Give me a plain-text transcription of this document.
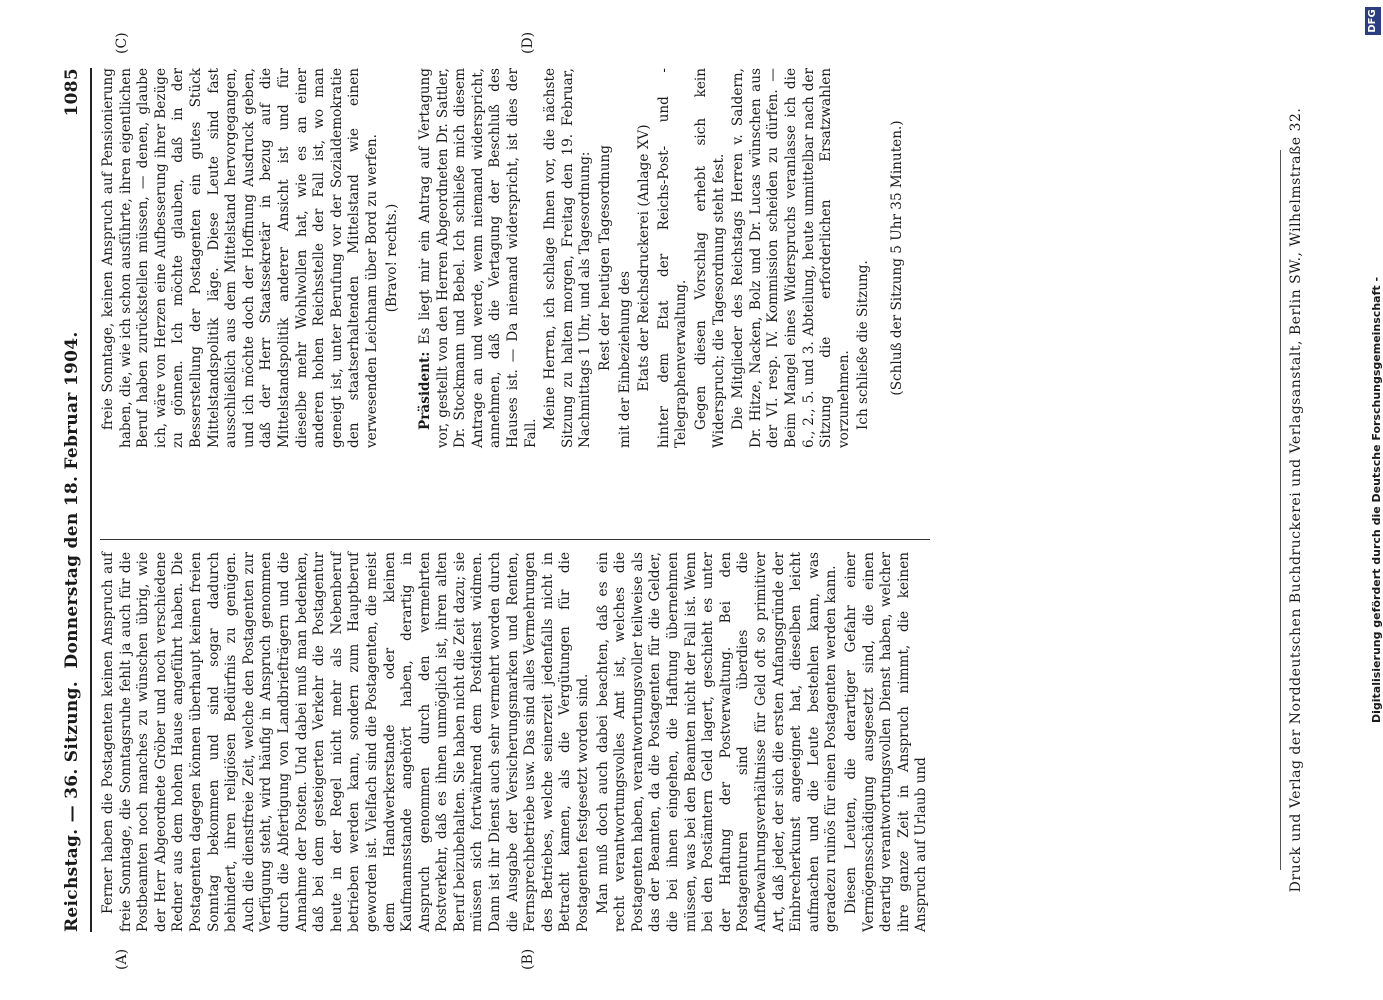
Reichstag. — 36. Sitzung.
Donnerstag den 18. Februar 1904.
1085
(A)	(B)
(C)	(D)

Ferner haben die Postagenten keinen Anspruch auf freie Sonntage, die Sonntagsruhe fehlt ja auch für die Postbeamten noch manches zu wünschen übrig, wie der Herr Abgeordnete Gröber und noch verschiedene Redner aus dem hohen Hause angeführt haben. Die Postagenten dagegen können überhaupt keinen freien Sonntag bekommen und sind sogar dadurch behindert, ihren religiösen Bedürfnis zu genügen. Auch die dienstfreie Zeit, welche den Postagenten zur Verfügung steht, wird häufig in Anspruch genommen durch die Abfertigung von Landbriefträgern und die Annahme der Posten. Und dabei muß man bedenken, daß bei dem gesteigerten Verkehr die Postagentur heute in der Regel nicht mehr als Nebenberuf betrieben werden kann, sondern zum Hauptberuf geworden ist. Vielfach sind die Postagenten, die meist dem Handwerkerstande oder kleinen Kaufmannsstande angehört haben, derartig in Anspruch genommen durch den vermehrten Postverkehr, daß es ihnen unmöglich ist, ihren alten Beruf beizubehalten. Sie haben nicht die Zeit dazu; sie müssen sich fortwährend dem Postdienst widmen. Dann ist ihr Dienst auch sehr vermehrt worden durch die Ausgabe der Versicherungsmarken und Renten, Fernsprechbetriebe usw. Das sind alles Vermehrungen des Betriebes, welche seinerzeit jedenfalls nicht in Betracht kamen, als die Vergütungen für die Postagenten festgesetzt worden sind. Man muß doch auch dabei beachten, daß es ein recht verantwortungsvolles Amt ist, welches die Postagenten haben, verantwortungsvoller teilweise als das der Beamten, da die Postagenten für die Gelder, die bei ihnen eingehen, die Haftung übernehmen müssen, was bei den Beamten nicht der Fall ist. Wenn bei den Postämtern Geld lagert, geschieht es unter der Haftung der Postverwaltung. Bei den Postagenturen sind überdies die Aufbewahrungsverhältnisse für Geld oft so primitiver Art, daß jeder, der sich die ersten Anfangsgründe der Einbrecherkunst angeeignet hat, dieselben leicht aufmachen und die Leute bestehlen kann, was geradezu ruinös für einen Postagenten werden kann. Diesen Leuten, die derartiger Gefahr einer Vermögensschädigung ausgesetzt sind, die einen derartig verantwortungsvollen Dienst haben, welcher ihre ganze Zeit in Anspruch nimmt, die keinen Anspruch auf Urlaub und

freie Sonntage, keinen Anspruch auf Pensionierung haben, die, wie ich schon ausführte, ihren eigentlichen Beruf haben zurückstellen müssen, — denen, glaube ich, wäre von Herzen eine Aufbesserung ihrer Bezüge zu gönnen. Ich möchte glauben, daß in der Besserstellung der Postagenten ein gutes Stück Mittelstandspolitik läge. Diese Leute sind fast ausschließlich aus dem Mittelstand hervorgegangen, und ich möchte doch der Hoffnung Ausdruck geben, daß der Herr Staatssekretär in bezug auf die Mittelstandspolitik anderer Ansicht ist und für dieselbe mehr Wohlwollen hat, wie es an einer anderen hohen Reichsstelle der Fall ist, wo man geneigt ist, unter Berufung vor der Sozialdemokratie den staatserhaltenden Mittelstand wie einen verwesenden Leichnam über Bord zu werfen. (Bravo! rechts.)

Präsident: Es liegt mir ein Antrag auf Vertagung vor, gestellt von den Herren Abgeordneten Dr. Sattler, Dr. Stockmann und Bebel. Ich schließe mich diesem Antrage an und werde, wenn niemand widerspricht, annehmen, daß die Vertagung der Beschluß des Hauses ist. — Da niemand widerspricht, ist dies der Fall.

Meine Herren, ich schlage Ihnen vor, die nächste Sitzung zu halten morgen, Freitag den 19. Februar, Nachmittags 1 Uhr, und als Tagesordnung: Rest der heutigen Tagesordnung mit der Einbeziehung des Etats der Reichsdruckerei (Anlage XV) hinter dem Etat der Reichs-Post- und -Telegraphenverwaltung. Gegen diesen Vorschlag erhebt sich kein Widerspruch; die Tagesordnung steht fest. Die Mitglieder des Reichstags Herren v. Saldern, Dr. Hitze, Nacken, Bolz und Dr. Lucas wünschen aus der VI. resp. IV. Kommission scheiden zu dürfen. — Beim Mangel eines Widerspruchs veranlasse ich die 6., 2., 5. und 3. Abteilung, heute unmittelbar nach der Sitzung die erforderlichen Ersatzwahlen vorzunehmen. Ich schließe die Sitzung. (Schluß der Sitzung 5 Uhr 35 Minuten.)	Druck und Verlag der Norddeutschen Buchdruckerei und Verlagsanstalt, Berlin SW., Wilhelmstraße 32.	Digitalisierung gefördert durch die Deutsche Forschungsgemeinschaft -
DFG
